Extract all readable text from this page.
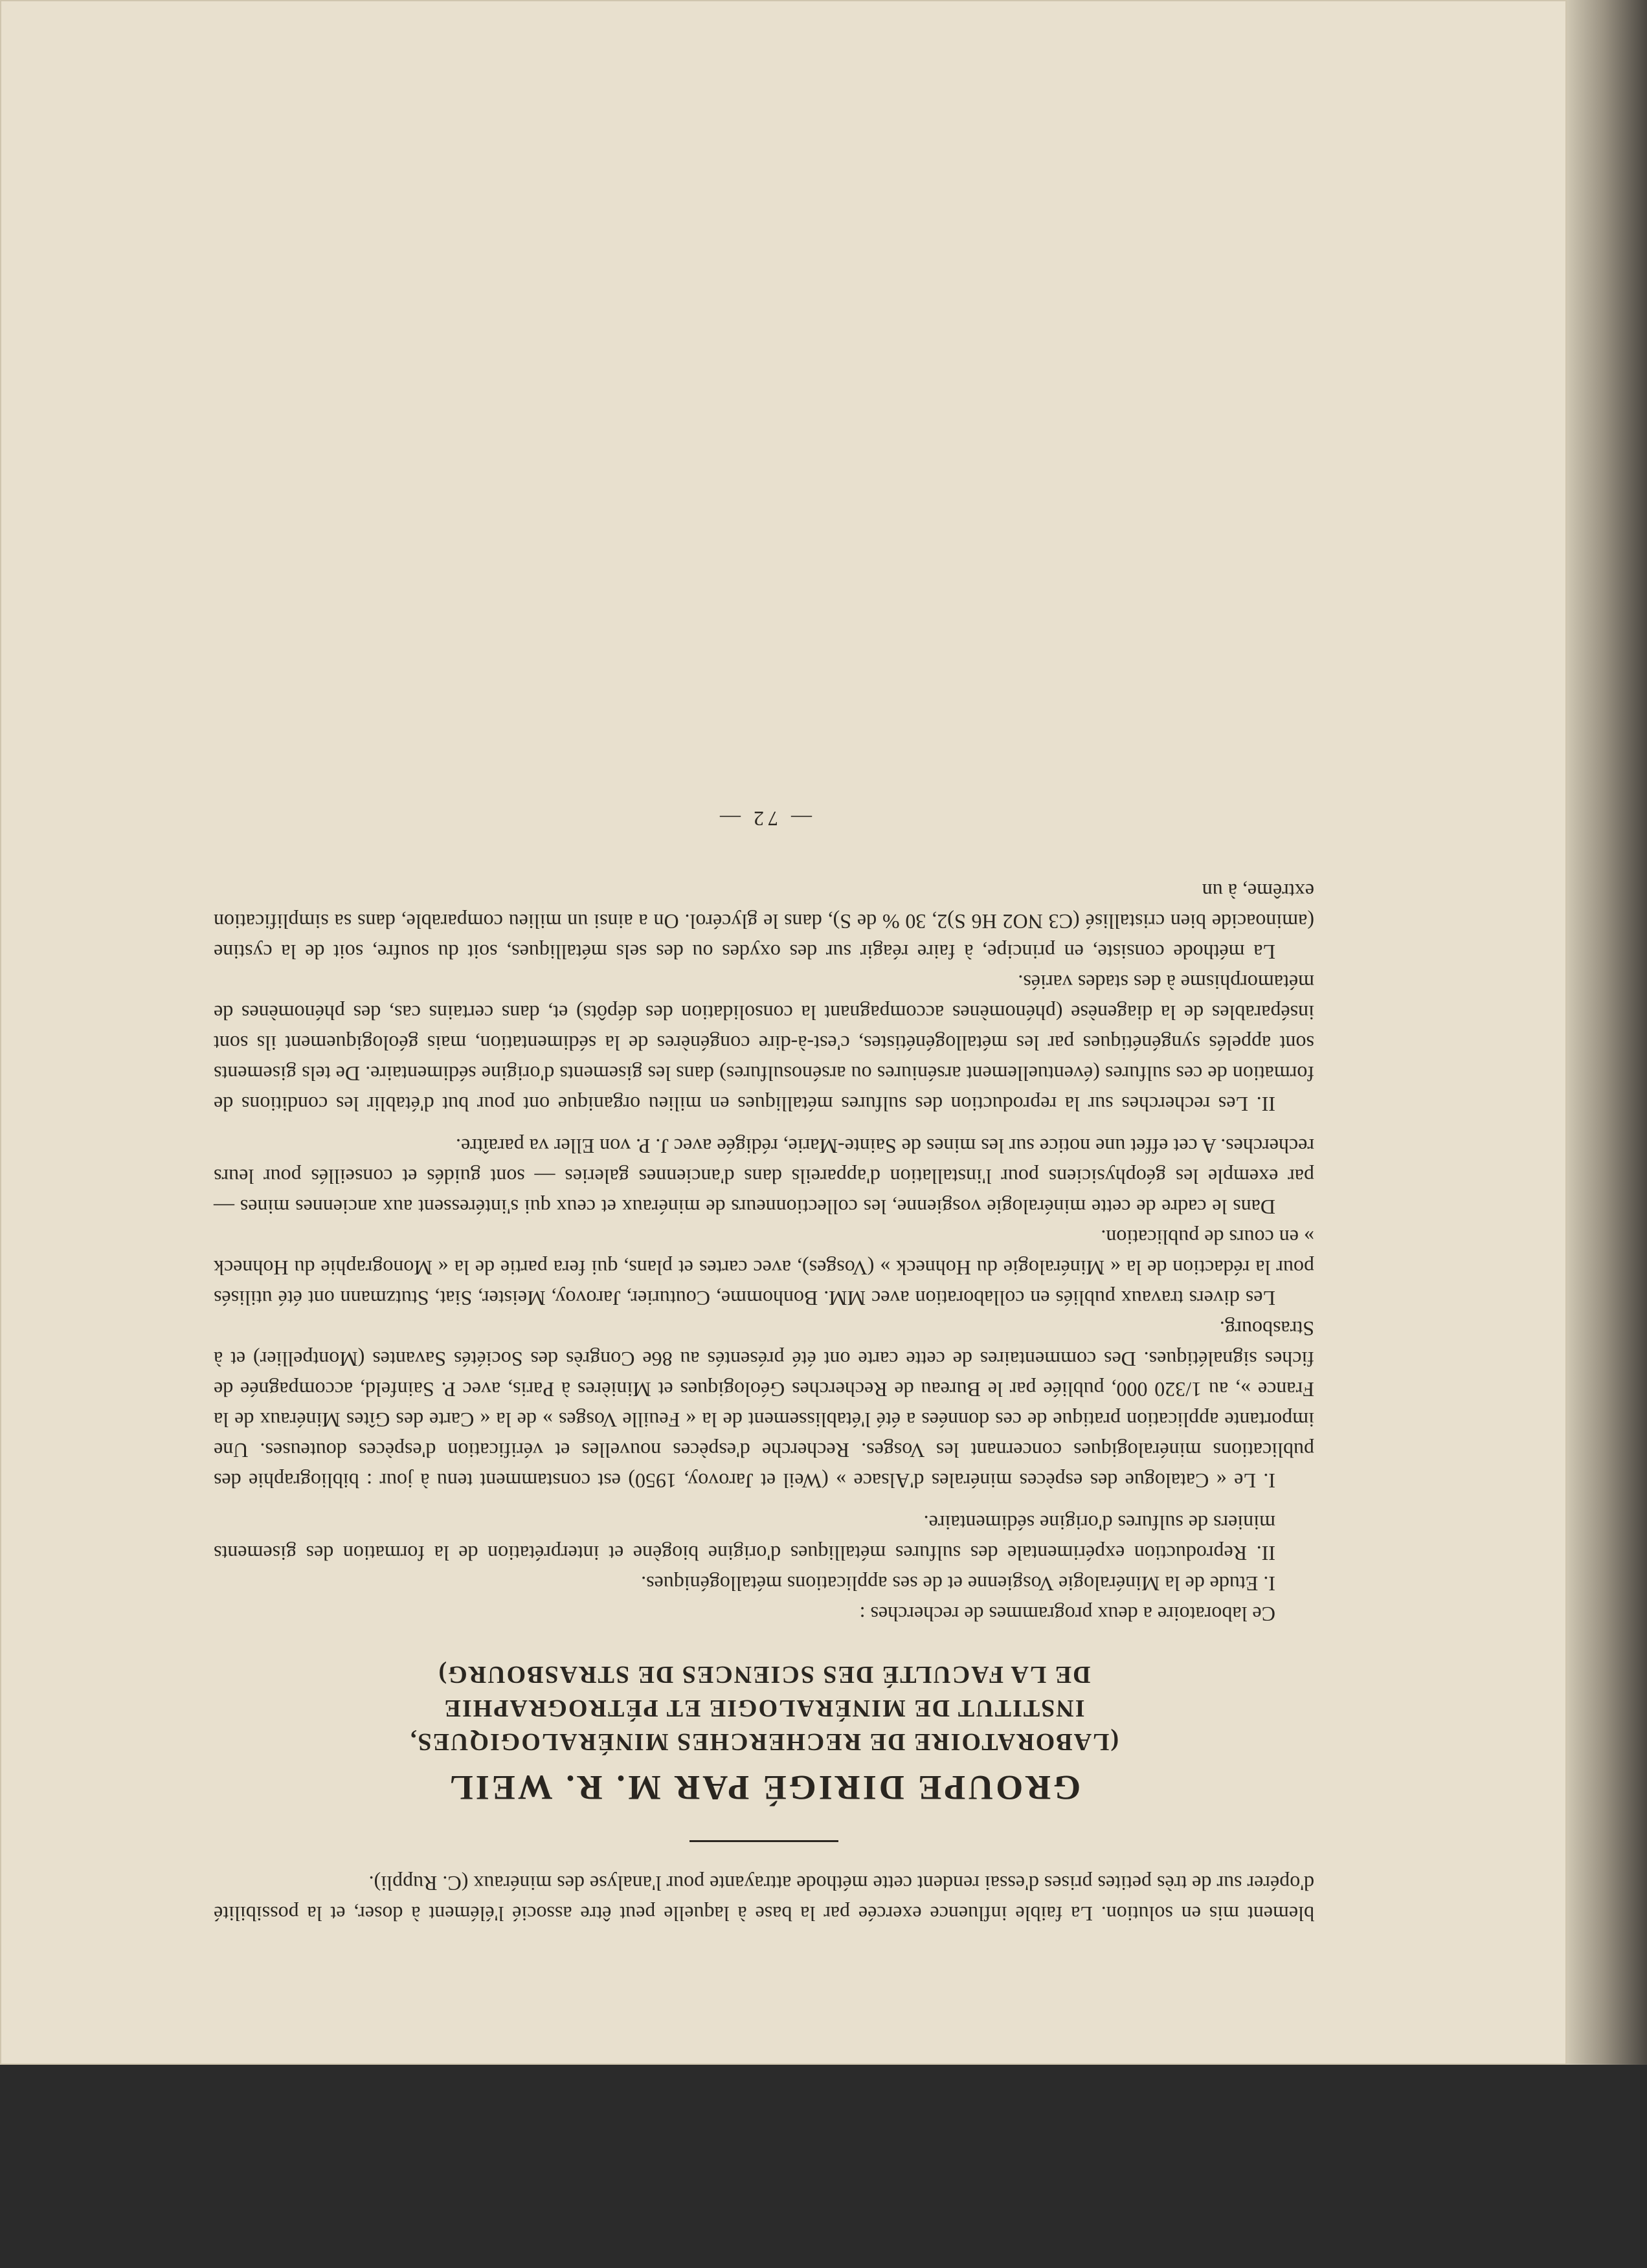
blement mis en solution. La faible influence exercée par la base à laquelle peut être associé l'élément à doser, et la possibilité d'opérer sur de très petites prises d'essai rendent cette méthode attrayante pour l'analyse des minéraux (C. Ruppli).

GROUPE DIRIGÉ PAR M. R. WEIL

(LABORATOIRE DE RECHERCHES MINÉRALOGIQUES,

INSTITUT DE MINÉRALOGIE ET PÉTROGRAPHIE

DE LA FACULTÉ DES SCIENCES DE STRASBOURG)

Ce laboratoire a deux programmes de recherches :

I. Etude de la Minéralogie Vosgienne et de ses applications métallogéniques.

II. Reproduction expérimentale des sulfures métalliques d'origine biogène et interprétation de la formation des gisements miniers de sulfures d'origine sédimentaire.

I. Le « Catalogue des espèces minérales d'Alsace » (Weil et Jarovoy, 1950) est constamment tenu à jour : bibliographie des publications minéralogiques concernant les Vosges. Recherche d'espèces nouvelles et vérification d'espèces douteuses. Une importante application pratique de ces données a été l'établissement de la « Feuille Vosges » de la « Carte des Gîtes Minéraux de la France », au 1/320 000, publiée par le Bureau de Recherches Géologiques et Minières à Paris, avec P. Sainfeld, accompagnée de fiches signalétiques. Des commentaires de cette carte ont été présentés au 86e Congrès des Sociétés Savantes (Montpellier) et à Strasbourg.

Les divers travaux publiés en collaboration avec MM. Bonhomme, Couturier, Jarovoy, Meister, Siat, Stutzmann ont été utilisés pour la rédaction de la « Minéralogie du Hohneck » (Vosges), avec cartes et plans, qui fera partie de la « Monographie du Hohneck » en cours de publication.

Dans le cadre de cette minéralogie vosgienne, les collectionneurs de minéraux et ceux qui s'intéressent aux anciennes mines — par exemple les géophysiciens pour l'installation d'appareils dans d'anciennes galeries — sont guidés et conseillés pour leurs recherches. A cet effet une notice sur les mines de Sainte-Marie, rédigée avec J. P. von Eller va paraître.

II. Les recherches sur la reproduction des sulfures métalliques en milieu organique ont pour but d'établir les conditions de formation de ces sulfures (éventuellement arséniures ou arsénosulfures) dans les gisements d'origine sédimentaire. De tels gisements sont appelés syngénétiques par les métallogénétistes, c'est-à-dire congénères de la sédimentation, mais géologiquement ils sont inséparables de la diagenèse (phénomènes accompagnant la consolidation des dépôts) et, dans certains cas, des phénomènes de métamorphisme à des stades variés.

La méthode consiste, en principe, à faire réagir sur des oxydes ou des sels métalliques, soit du soufre, soit de la cystine (aminoacide bien cristallisé (C3 NO2 H6 S)2, 30 % de S), dans le glycérol. On a ainsi un milieu comparable, dans sa simplification extrême, à un

— 72 —
